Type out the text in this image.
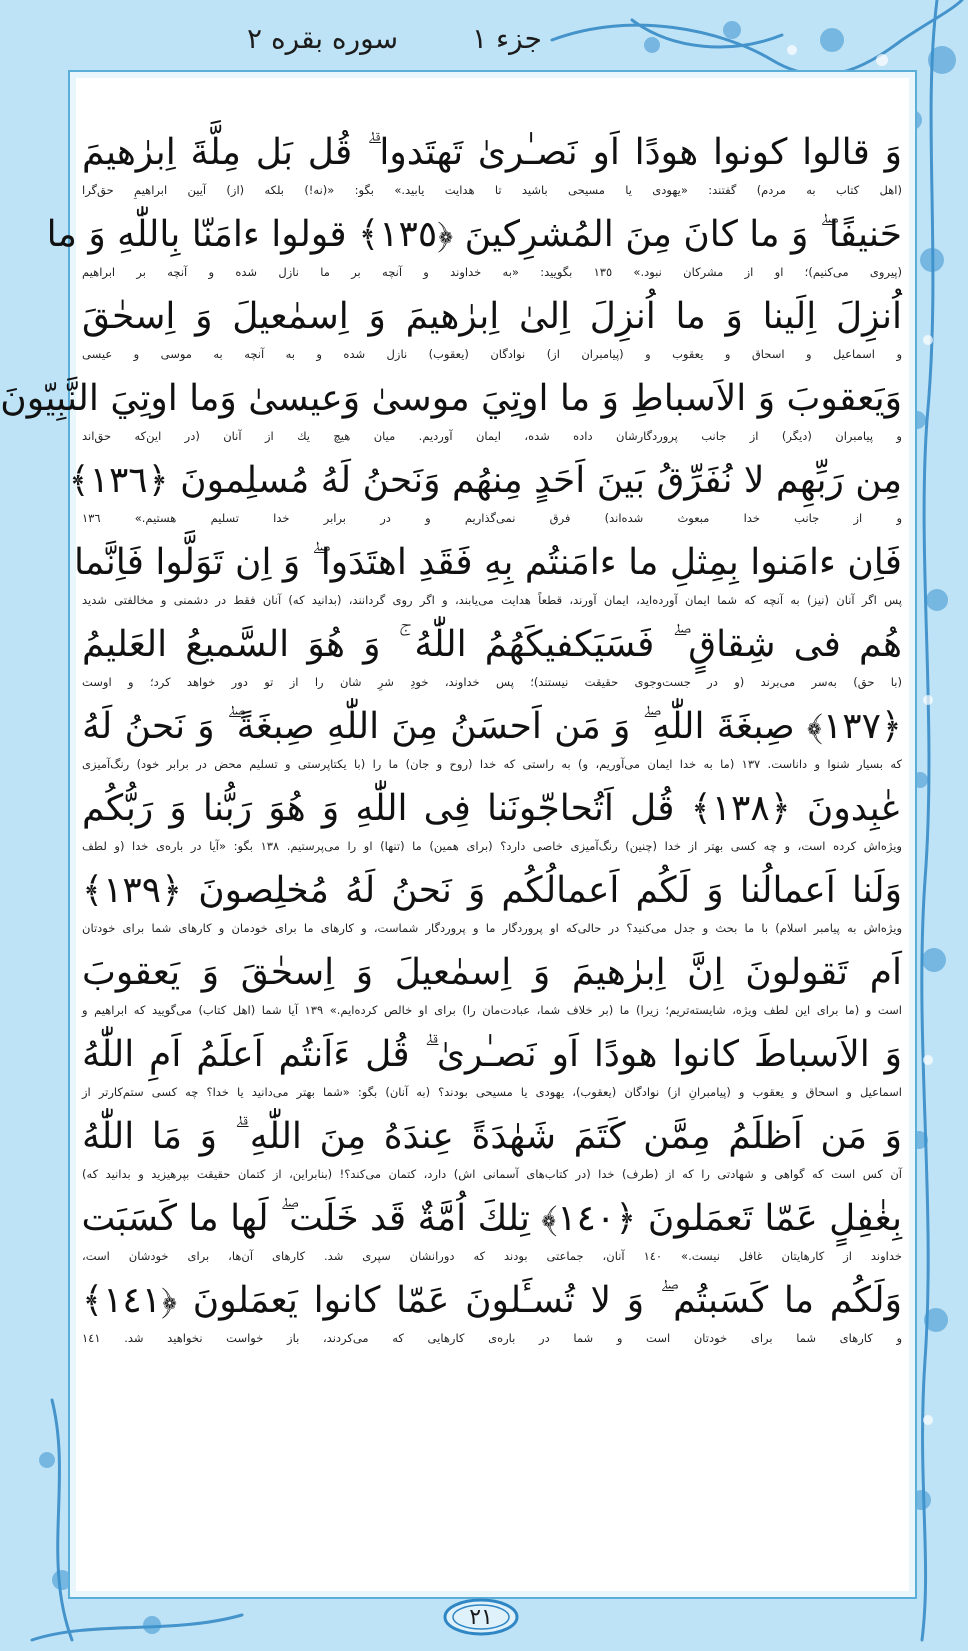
جزء ١
سوره بقره ٢
وَ قالوا كونوا هودًا اَو نَصـٰرىٰ تَهتَدوا ۗ قُل بَل مِلَّةَ اِبرٰهيمَ
(اهل كتاب به مردم) گفتند: «يهودی يا مسيحی باشيد تا هدايت يابيد.» بگو: «(نه!) بلكه (از) آيين ابراهيمِ حق‌گرا
حَنيفًا ۖ وَ ما كانَ مِنَ المُشرِكينَ ﴿١٣٥﴾ قولوا ءامَنّا بِاللّٰهِ وَ ما
(پيروی می‌كنيم)؛ او از مشركان نبود.» ١٣٥ بگوييد: «به خداوند و آنچه بر ما نازل شده و آنچه بر ابراهيم
اُنزِلَ اِلَينا وَ ما اُنزِلَ اِلىٰ اِبرٰهيمَ وَ اِسمٰعيلَ وَ اِسحٰقَ
و اسماعيل و اسحاق و يعقوب و (پيامبران از) نوادگان (يعقوب) نازل شده و به آنچه به موسی و عيسی
وَيَعقوبَ وَ الاَسباطِ وَ ما اوتِيَ موسىٰ وَعيسىٰ وَما اوتِيَ النَّبِيّونَ
و پيامبران (ديگر) از جانب پروردگارشان داده شده، ايمان آورديم. ميان هيچ يك از آنان (در اين‌كه حق‌اند
مِن رَبِّهِم لا نُفَرِّقُ بَينَ اَحَدٍ مِنهُم وَنَحنُ لَهُ مُسلِمونَ ﴿١٣٦﴾
و از جانب خدا مبعوث شده‌اند) فرق نمی‌گذاريم و در برابر خدا تسليم هستيم.» ١٣٦
فَاِن ءامَنوا بِمِثلِ ما ءامَنتُم بِهِ فَقَدِ اهتَدَوا ۖ وَ اِن تَوَلَّوا فَاِنَّما
پس اگر آنان (نيز) به آنچه كه شما ايمان آورده‌ايد، ايمان آورند، قطعاً هدايت می‌يابند، و اگر روی گردانند، (بدانيد كه) آنان فقط در دشمنی و مخالفتی شديد
هُم فى شِقاقٍ ۖ فَسَيَكفيكَهُمُ اللّٰهُ ۚ وَ هُوَ السَّميعُ العَليمُ
(با حق) به‌سر می‌برند (و در جست‌وجوی حقيقت نيستند)؛ پس خداوند، خودِ شرِ شان را از تو دور خواهد كرد؛ و اوست
﴿١٣٧﴾ صِبغَةَ اللّٰهِ ۖ وَ مَن اَحسَنُ مِنَ اللّٰهِ صِبغَةً ۖ وَ نَحنُ لَهُ
كه بسيار شنوا و داناست. ١٣٧ (ما به خدا ايمان می‌آوريم، و) به راستی كه خدا (روح و جان) ما را (با يكتاپرستی و تسليم محض در برابر خود) رنگ‌آميزی
عٰبِدونَ ﴿١٣٨﴾ قُل اَتُحاجّونَنا فِى اللّٰهِ وَ هُوَ رَبُّنا وَ رَبُّكُم
ويژه‌اش كرده است، و چه كسی بهتر از خدا (چنين) رنگ‌آميزی خاصی دارد؟ (برای همين) ما (تنها) او را می‌پرستيم. ١٣٨ بگو: «آيا در باره‌ی خدا (و لطف
وَلَنا اَعمالُنا وَ لَكُم اَعمالُكُم وَ نَحنُ لَهُ مُخلِصونَ ﴿١٣٩﴾
ويژه‌اش به پيامبر اسلام) با ما بحث و جدل می‌كنيد؟ در حالی‌كه او پروردگار ما و پروردگار شماست، و كارهای ما برای خودمان و كارهای شما برای خودتان
اَم تَقولونَ اِنَّ اِبرٰهيمَ وَ اِسمٰعيلَ وَ اِسحٰقَ وَ يَعقوبَ
است و (ما برای اين لطف ويژه، شايسته‌تريم؛ زيرا) ما (بر خلاف شما، عبادت‌مان را) برای او خالص كرده‌ايم.» ١٣٩ آيا شما (اهل كتاب) می‌گوييد كه ابراهيم و
وَ الاَسباطَ كانوا هودًا اَو نَصـٰرىٰ ۗ قُل ءَاَنتُم اَعلَمُ اَمِ اللّٰهُ
اسماعيل و اسحاق و يعقوب و (پيامبرانِ از) نوادگان (يعقوب)، يهودی يا مسيحی بودند؟ (به آنان) بگو: «شما بهتر می‌دانيد يا خدا؟ چه كسی ستم‌كارتر از
وَ مَن اَظلَمُ مِمَّن كَتَمَ شَهٰدَةً عِندَهُ مِنَ اللّٰهِ ۗ وَ مَا اللّٰهُ
آن كس است كه گواهی و شهادتی را كه از (طرف) خدا (در كتاب‌های آسمانی اش) دارد، كتمان می‌كند؟! (بنابراين، از كتمان حقيقت بپرهيزيد و بدانيد كه)
بِغٰفِلٍ عَمّا تَعمَلونَ ﴿١٤٠﴾ تِلكَ اُمَّةٌ قَد خَلَت ۖ لَها ما كَسَبَت
خداوند از كارهايتان غافل نيست.» ١٤٠ آنان، جماعتی بودند كه دورانشان سپری شد. كارهای آن‌ها، برای خودشان است،
وَلَكُم ما كَسَبتُم ۖ وَ لا تُسـَٔلونَ عَمّا كانوا يَعمَلونَ ﴿١٤١﴾
و كارهای شما برای خودتان است و شما در باره‌ی كارهايی كه می‌كردند، باز خواست نخواهيد شد. ١٤١
٢١
